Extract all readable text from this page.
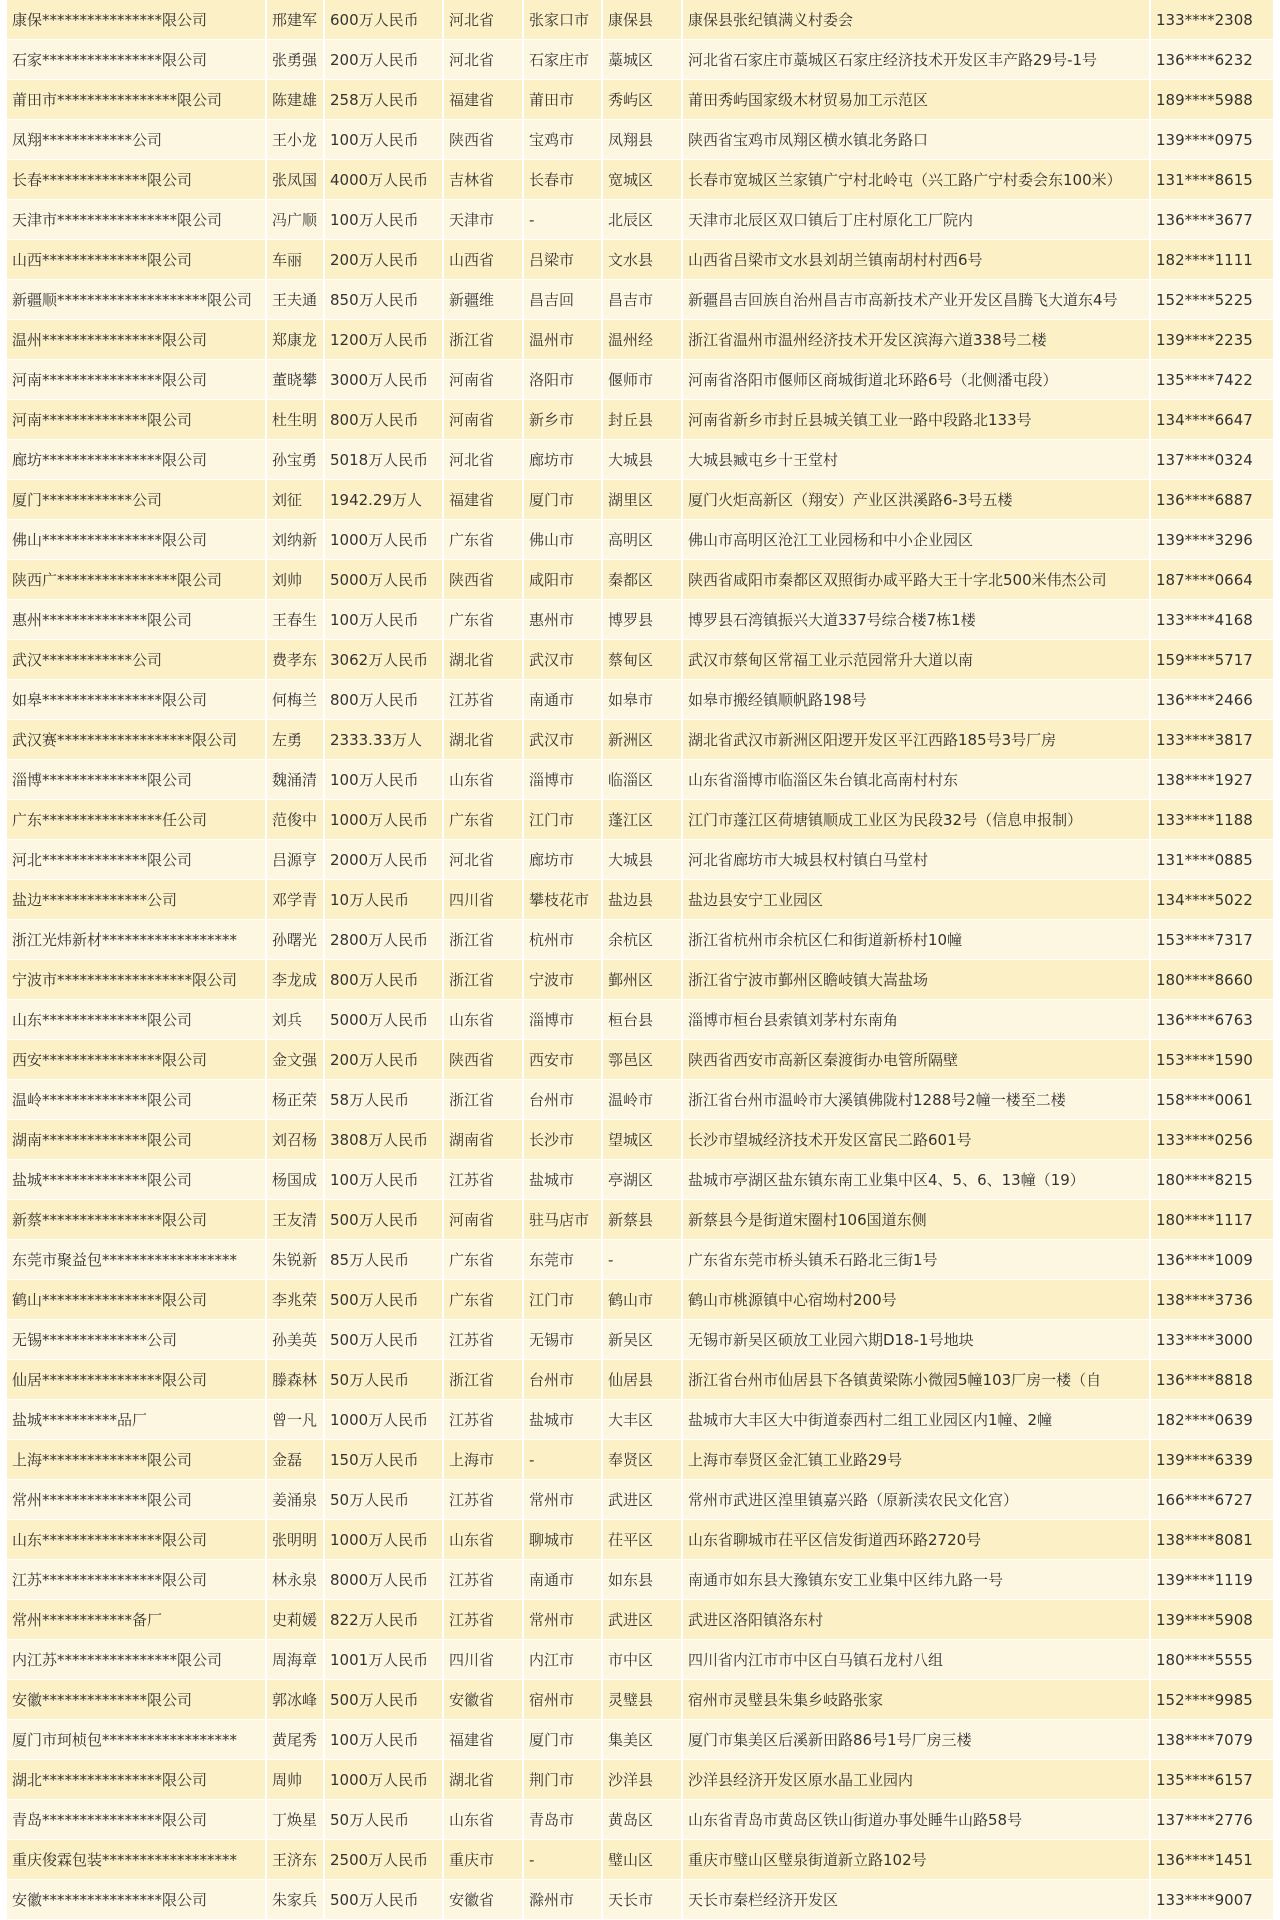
康保****************限公司	邢建军	600万人民币	河北省	张家口市	康保县	康保县张纪镇满义村委会	133****2308
石家****************限公司	张勇强	200万人民币	河北省	石家庄市	藁城区	河北省石家庄市藁城区石家庄经济技术开发区丰产路29号-1号	136****6232
莆田市****************限公司	陈建雄	258万人民币	福建省	莆田市	秀屿区	莆田秀屿国家级木材贸易加工示范区	189****5988
凤翔************公司	王小龙	100万人民币	陕西省	宝鸡市	凤翔县	陕西省宝鸡市凤翔区横水镇北务路口	139****0975
长春**************限公司	张凤国	4000万人民币	吉林省	长春市	宽城区	长春市宽城区兰家镇广宁村北岭屯（兴工路广宁村委会东100米）	131****8615
天津市****************限公司	冯广顺	100万人民币	天津市	-	北辰区	天津市北辰区双口镇后丁庄村原化工厂院内	136****3677
山西**************限公司	车丽	200万人民币	山西省	吕梁市	文水县	山西省吕梁市文水县刘胡兰镇南胡村村西6号	182****1111
新疆顺********************限公司	王夫通	850万人民币	新疆维	昌吉回	昌吉市	新疆昌吉回族自治州昌吉市高新技术产业开发区昌腾飞大道东4号	152****5225
温州****************限公司	郑康龙	1200万人民币	浙江省	温州市	温州经	浙江省温州市温州经济技术开发区滨海六道338号二楼	139****2235
河南****************限公司	董晓攀	3000万人民币	河南省	洛阳市	偃师市	河南省洛阳市偃师区商城街道北环路6号（北侧潘屯段）	135****7422
河南**************限公司	杜生明	800万人民币	河南省	新乡市	封丘县	河南省新乡市封丘县城关镇工业一路中段路北133号	134****6647
廊坊****************限公司	孙宝勇	5018万人民币	河北省	廊坊市	大城县	大城县臧屯乡十王堂村	137****0324
厦门************公司	刘征	1942.29万人	福建省	厦门市	湖里区	厦门火炬高新区（翔安）产业区洪溪路6-3号五楼	136****6887
佛山****************限公司	刘纳新	1000万人民币	广东省	佛山市	高明区	佛山市高明区沧江工业园杨和中小企业园区	139****3296
陕西广****************限公司	刘帅	5000万人民币	陕西省	咸阳市	秦都区	陕西省咸阳市秦都区双照街办咸平路大王十字北500米伟杰公司	187****0664
惠州**************限公司	王春生	100万人民币	广东省	惠州市	博罗县	博罗县石湾镇振兴大道337号综合楼7栋1楼	133****4168
武汉************公司	费孝东	3062万人民币	湖北省	武汉市	蔡甸区	武汉市蔡甸区常福工业示范园常升大道以南	159****5717
如皋****************限公司	何梅兰	800万人民币	江苏省	南通市	如皋市	如皋市搬经镇顺帆路198号	136****2466
武汉赛******************限公司	左勇	2333.33万人	湖北省	武汉市	新洲区	湖北省武汉市新洲区阳逻开发区平江西路185号3号厂房	133****3817
淄博**************限公司	魏涌清	100万人民币	山东省	淄博市	临淄区	山东省淄博市临淄区朱台镇北高南村村东	138****1927
广东****************任公司	范俊中	1000万人民币	广东省	江门市	蓬江区	江门市蓬江区荷塘镇顺成工业区为民段32号（信息申报制）	133****1188
河北**************限公司	吕源亨	2000万人民币	河北省	廊坊市	大城县	河北省廊坊市大城县权村镇白马堂村	131****0885
盐边**************公司	邓学青	10万人民币	四川省	攀枝花市	盐边县	盐边县安宁工业园区	134****5022
浙江光炜新材******************	孙曙光	2800万人民币	浙江省	杭州市	余杭区	浙江省杭州市余杭区仁和街道新桥村10幢	153****7317
宁波市******************限公司	李龙成	800万人民币	浙江省	宁波市	鄞州区	浙江省宁波市鄞州区瞻岐镇大嵩盐场	180****8660
山东**************限公司	刘兵	5000万人民币	山东省	淄博市	桓台县	淄博市桓台县索镇刘茅村东南角	136****6763
西安****************限公司	金文强	200万人民币	陕西省	西安市	鄠邑区	陕西省西安市高新区秦渡街办电管所隔壁	153****1590
温岭**************限公司	杨正荣	58万人民币	浙江省	台州市	温岭市	浙江省台州市温岭市大溪镇佛陇村1288号2幢一楼至二楼	158****0061
湖南**************限公司	刘召杨	3808万人民币	湖南省	长沙市	望城区	长沙市望城经济技术开发区富民二路601号	133****0256
盐城**************限公司	杨国成	100万人民币	江苏省	盐城市	亭湖区	盐城市亭湖区盐东镇东南工业集中区4、5、6、13幢（19）	180****8215
新蔡****************限公司	王友清	500万人民币	河南省	驻马店市	新蔡县	新蔡县今是街道宋圈村106国道东侧	180****1117
东莞市聚益包******************	朱锐新	85万人民币	广东省	东莞市	-	广东省东莞市桥头镇禾石路北三街1号	136****1009
鹤山****************限公司	李兆荣	500万人民币	广东省	江门市	鹤山市	鹤山市桃源镇中心宿坳村200号	138****3736
无锡**************公司	孙美英	500万人民币	江苏省	无锡市	新吴区	无锡市新吴区硕放工业园六期D18-1号地块	133****3000
仙居****************限公司	滕森林	50万人民币	浙江省	台州市	仙居县	浙江省台州市仙居县下各镇黄梁陈小微园5幢103厂房一楼（自	136****8818
盐城**********品厂	曾一凡	1000万人民币	江苏省	盐城市	大丰区	盐城市大丰区大中街道泰西村二组工业园区内1幢、2幢	182****0639
上海**************限公司	金磊	150万人民币	上海市	-	奉贤区	上海市奉贤区金汇镇工业路29号	139****6339
常州**************限公司	姜涌泉	50万人民币	江苏省	常州市	武进区	常州市武进区湟里镇嘉兴路（原新渎农民文化宫）	166****6727
山东****************限公司	张明明	1000万人民币	山东省	聊城市	茌平区	山东省聊城市茌平区信发街道西环路2720号	138****8081
江苏****************限公司	林永泉	8000万人民币	江苏省	南通市	如东县	南通市如东县大豫镇东安工业集中区纬九路一号	139****1119
常州************备厂	史莉媛	822万人民币	江苏省	常州市	武进区	武进区洛阳镇洛东村	139****5908
内江苏****************限公司	周海章	1001万人民币	四川省	内江市	市中区	四川省内江市市中区白马镇石龙村八组	180****5555
安徽**************限公司	郭冰峰	500万人民币	安徽省	宿州市	灵璧县	宿州市灵璧县朱集乡岐路张家	152****9985
厦门市珂桢包******************	黄尾秀	100万人民币	福建省	厦门市	集美区	厦门市集美区后溪新田路86号1号厂房三楼	138****7079
湖北****************限公司	周帅	1000万人民币	湖北省	荆门市	沙洋县	沙洋县经济开发区原水晶工业园内	135****6157
青岛****************限公司	丁焕星	50万人民币	山东省	青岛市	黄岛区	山东省青岛市黄岛区铁山街道办事处睡牛山路58号	137****2776
重庆俊霖包装******************	王济东	2500万人民币	重庆市	-	璧山区	重庆市璧山区璧泉街道新立路102号	136****1451
安徽****************限公司	朱家兵	500万人民币	安徽省	滁州市	天长市	天长市秦栏经济开发区	133****9007
